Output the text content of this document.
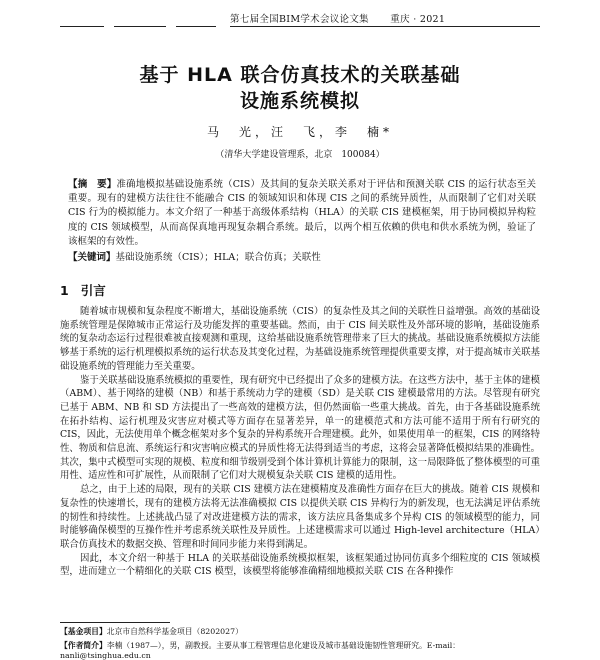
第七届全国BIM学术会议论文集 重庆 · 2021
基于 HLA 联合仿真技术的关联基础
设施系统模拟
马　光，汪　飞，李　楠*
（清华大学建设管理系，北京　100084）
【摘　要】准确地模拟基础设施系统（CIS）及其间的复杂关联关系对于评估和预测关联 CIS 的运行状态至关重要。现有的建模方法往往不能融合 CIS 的领域知识和体现 CIS 之间的系统异质性，从而限制了它们对关联 CIS 行为的模拟能力。本文介绍了一种基于高级体系结构（HLA）的关联 CIS 建模框架，用于协同模拟异构粒度的 CIS 领域模型，从而高保真地再现复杂耦合系统。最后，以两个相互依赖的供电和供水系统为例，验证了该框架的有效性。
【关键词】基础设施系统（CIS）；HLA；联合仿真；关联性
1 引言

随着城市规模和复杂程度不断增大，基础设施系统（CIS）的复杂性及其之间的关联性日益增强。高效的基础设施系统管理是保障城市正常运行及功能发挥的重要基础。然而，由于 CIS 间关联性及外部环境的影响，基础设施系统的复杂动态运行过程很难被直接观测和重现，这给基础设施系统管理带来了巨大的挑战。基础设施系统模拟方法能够基于系统的运行机理模拟系统的运行状态及其变化过程，为基础设施系统管理提供重要支撑，对于提高城市关联基础设施系统的管理能力至关重要。

鉴于关联基础设施系统模拟的重要性，现有研究中已经提出了众多的建模方法。在这些方法中，基于主体的建模（ABM）、基于网络的建模（NB）和基于系统动力学的建模（SD）是关联 CIS 建模最常用的方法。尽管现有研究已基于 ABM、NB 和 SD 方法提出了一些高效的建模方法，但仍然面临一些重大挑战。首先，由于各基础设施系统在拓扑结构、运行机理及灾害应对模式等方面存在显著差异，单一的建模范式和方法可能不适用于所有行研究的 CIS，因此，无法使用单个概念框架对多个复杂的异构系统开合理建模。此外，如果使用单一的框架，CIS 的网络特性、物质和信息流、系统运行和灾害响应模式的异质性将无法得到适当的考虑，这将会显著降低模拟结果的准确性。其次，集中式模型可实现的规模、粒度和细节级别受到个体计算机计算能力的限制，这一局限降低了整体模型的可重用性、适应性和可扩展性，从而限制了它们对大规模复杂关联 CIS 建模的适用性。

总之，由于上述的局限，现有的关联 CIS 建模方法在建模精度及准确性方面存在巨大的挑战。随着 CIS 规模和复杂性的快速增长，现有的建模方法将无法准确模拟 CIS 以提供关联 CIS 异构行为的新发现，也无法满足评估系统的韧性和持续性。上述挑战凸显了对改进建模方法的需求，该方法应具备集成多个异构 CIS 的领域模型的能力，同时能够确保模型的互操作性并考虑系统关联性及异质性。上述建模需求可以通过 High-level architecture（HLA）联合仿真技术的数据交换、管理和时间同步能力来得到满足。

因此，本文介绍一种基于 HLA 的关联基础设施系统模拟框架，该框架通过协同仿真多个细粒度的 CIS 领域模型，进而建立一个精细化的关联 CIS 模型，该模型将能够准确精细地模拟关联 CIS 在各种操作

【基金项目】北京市自然科学基金项目（8202027）
【作者简介】李楠（1987—），男，副教授。主要从事工程管理信息化建设及城市基础设施韧性管理研究。E-mail：nanli@tsinghua.edu.cn
